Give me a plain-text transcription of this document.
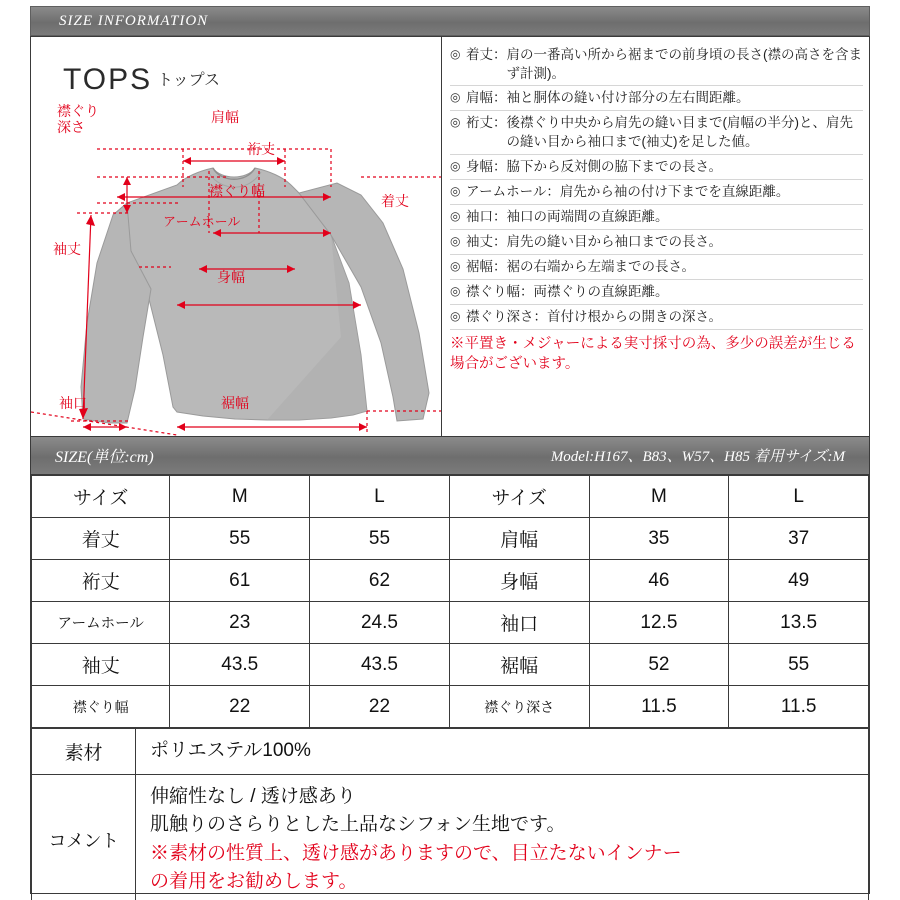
SIZE INFORMATION
TOPS トップス
襟ぐり
深さ
肩幅
裄丈
襟ぐり幅
アームホール
身幅
着丈
袖丈
袖口	裾幅
◎ 着丈： 肩の一番高い所から裾までの前身頃の長さ(襟の高さを含まず計測)。
◎ 肩幅： 袖と胴体の縫い付け部分の左右間距離。
◎ 裄丈： 後襟ぐり中央から肩先の縫い目まで(肩幅の半分)と、肩先の縫い目から袖口まで(袖丈)を足した値。
◎ 身幅： 脇下から反対側の脇下までの長さ。
◎ アームホール： 肩先から袖の付け下までを直線距離。
◎ 袖口： 袖口の両端間の直線距離。
◎ 袖丈： 肩先の縫い目から袖口までの長さ。
◎ 裾幅： 裾の右端から左端までの長さ。
◎ 襟ぐり幅： 両襟ぐりの直線距離。
◎ 襟ぐり深さ： 首付け根からの開きの深さ。
※平置き・メジャーによる実寸採寸の為、多少の誤差が生じる場合がございます。
SIZE(単位:cm)	Model:H167、B83、W57、H85 着用サイズ:M
サイズ	M	L	サイズ	M	L
着丈	55	55	肩幅	35	37
裄丈	61	62	身幅	46	49
アームホール	23	24.5	袖口	12.5	13.5
袖丈	43.5	43.5	裾幅	52	55
襟ぐり幅	22	22	襟ぐり深さ	11.5	11.5
素材	ポリエステル100%
コメント	伸縮性なし / 透け感あり
肌触りのさらりとした上品なシフォン生地です。
※素材の性質上、透け感がありますので、目立たないインナー
の着用をお勧めします。
